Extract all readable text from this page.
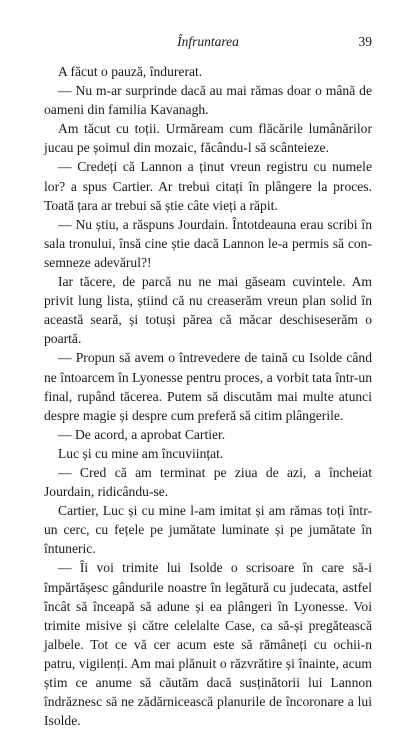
Înfruntarea	39

A făcut o pauză, îndurerat.

— Nu m-ar surprinde dacă au mai rămas doar o mână de oameni din familia Kavanagh.

Am tăcut cu toții. Urmăream cum flăcările lumânărilor jucau pe șoimul din mozaic, făcându-l să scânteieze.

— Credeți că Lannon a ținut vreun registru cu numele lor? a spus Cartier. Ar trebui citați în plângere la proces. Toată țara ar trebui să știe câte vieți a răpit.

— Nu știu, a răspuns Jourdain. Întotdeauna erau scribi în sala tronului, însă cine știe dacă Lannon le-a permis să consemneze adevărul?!

Iar tăcere, de parcă nu ne mai găseam cuvintele. Am privit lung lista, știind că nu creaserăm vreun plan solid în această seară, și totuși părea că măcar deschiseserăm o poartă.

— Propun să avem o întrevedere de taină cu Isolde când ne întoarcem în Lyonesse pentru proces, a vorbit tata într-un final, rupând tăcerea. Putem să discutăm mai multe atunci despre magie și despre cum preferă să citim plângerile.

— De acord, a aprobat Cartier.

Luc și cu mine am încuviințat.

— Cred că am terminat pe ziua de azi, a încheiat Jourdain, ridicându-se.

Cartier, Luc și cu mine l-am imitat și am rămas toți într-un cerc, cu fețele pe jumătate luminate și pe jumătate în întuneric.

— Îi voi trimite lui Isolde o scrisoare în care să-i împărtășesc gândurile noastre în legătură cu judecata, astfel încât să înceapă să adune și ea plângeri în Lyonesse. Voi trimite misive și către celelalte Case, ca să-și pregătească jalbele. Tot ce vă cer acum este să rămâneți cu ochii-n patru, vigilenți. Am mai plănuit o răzvrătire și înainte, acum știm ce anume să căutăm dacă susținătorii lui Lannon îndrăznesc să ne zădărnicească planurile de încoronare a lui Isolde.
